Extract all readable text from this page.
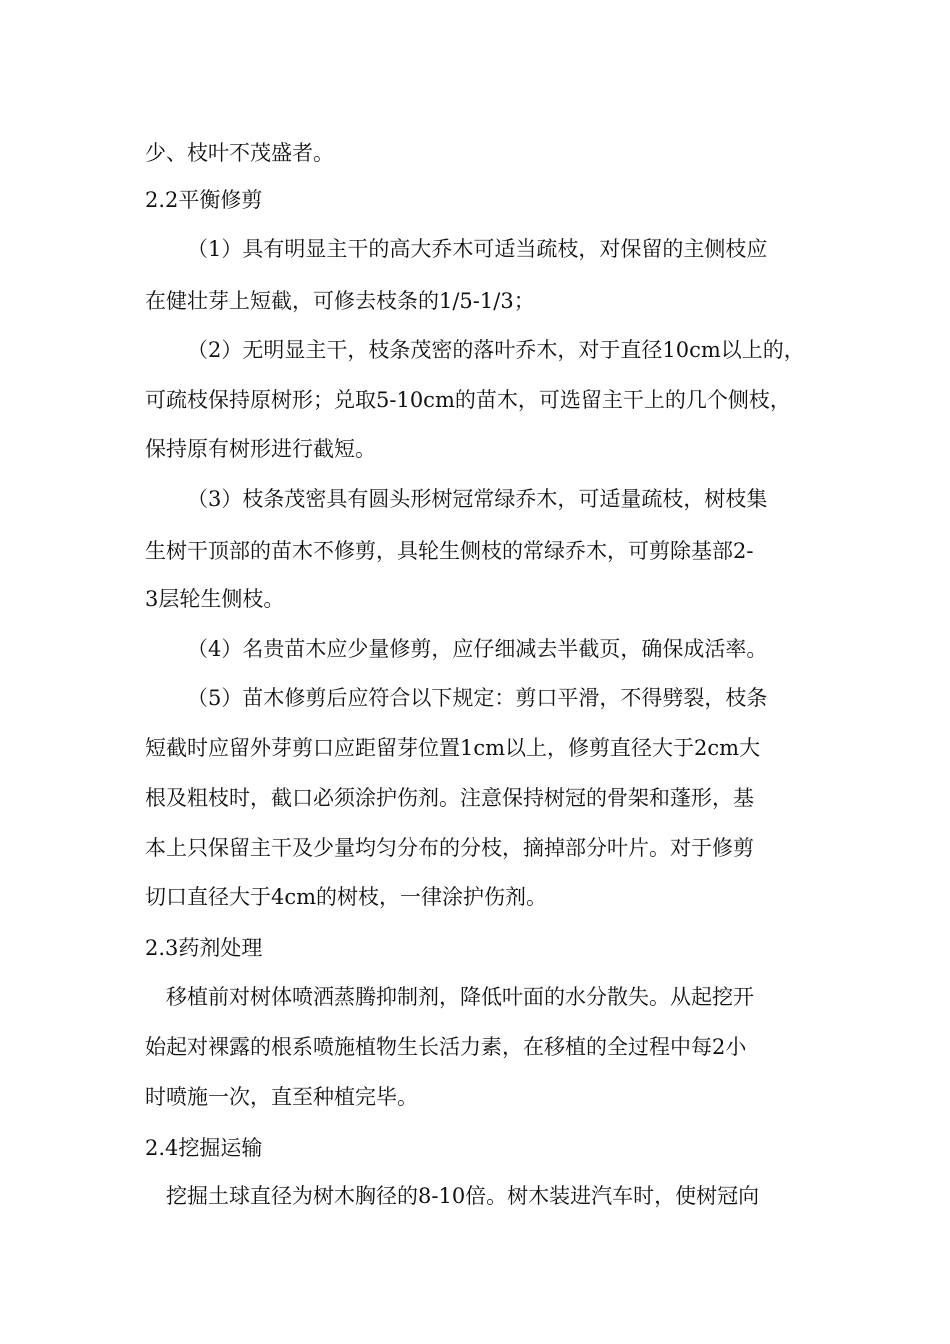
少、枝叶不茂盛者。
2.2平衡修剪
（1）具有明显主干的高大乔木可适当疏枝，对保留的主侧枝应
在健壮芽上短截，可修去枝条的1/5-1/3；
（2）无明显主干，枝条茂密的落叶乔木，对于直径10cm以上的，
可疏枝保持原树形；兑取5-10cm的苗木，可选留主干上的几个侧枝，
保持原有树形进行截短。
（3）枝条茂密具有圆头形树冠常绿乔木，可适量疏枝，树枝集
生树干顶部的苗木不修剪，具轮生侧枝的常绿乔木，可剪除基部2-
3层轮生侧枝。
（4）名贵苗木应少量修剪，应仔细减去半截页，确保成活率。
（5）苗木修剪后应符合以下规定：剪口平滑，不得劈裂，枝条
短截时应留外芽剪口应距留芽位置1cm以上，修剪直径大于2cm大
根及粗枝时，截口必须涂护伤剂。注意保持树冠的骨架和蓬形，基
本上只保留主干及少量均匀分布的分枝，摘掉部分叶片。对于修剪
切口直径大于4cm的树枝，一律涂护伤剂。
2.3药剂处理
移植前对树体喷洒蒸腾抑制剂，降低叶面的水分散失。从起挖开
始起对裸露的根系喷施植物生长活力素，在移植的全过程中每2小
时喷施一次，直至种植完毕。
2.4挖掘运输
挖掘土球直径为树木胸径的8-10倍。树木装进汽车时，使树冠向
